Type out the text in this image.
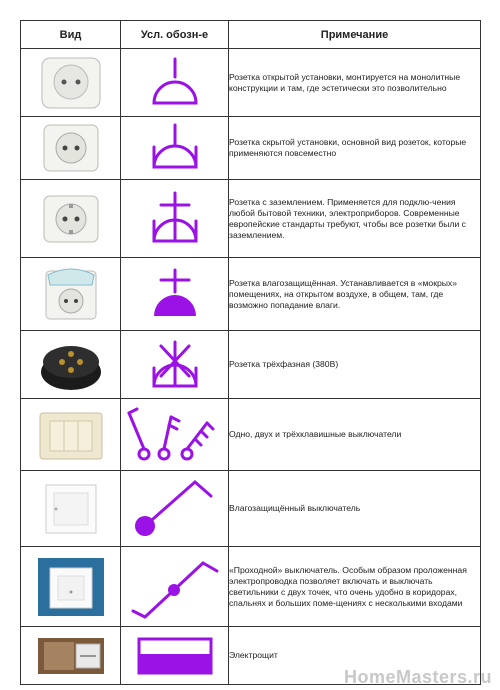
Вид	Усл. обозн-е	Примечание

Розетка открытой установки, монтируется на монолитные конструкции и там, где эстетически это позволительно

Розетка скрытой установки, основной вид розеток, которые применяются повсеместно

Розетка с заземлением. Применяется для подклю-чения любой бытовой техники, электроприборов. Современные европейские стандарты требуют, чтобы все розетки были с заземлением.

Розетка влагозащищённая. Устанавливается в «мокрых» помещениях, на открытом воздухе, в общем, там, где возможно попадание влаги.

Розетка трёхфазная (380В)

Одно, двух и трёхклавишные выключатели

Влагозащищённый выключатель

«Проходной» выключатель. Особым образом проложенная электропроводка позволяет включать и выключать светильники с двух точек, что очень удобно в коридорах, спальнях и больших поме-щениях с несколькими входами

Электрощит
HomeMasters.ru
